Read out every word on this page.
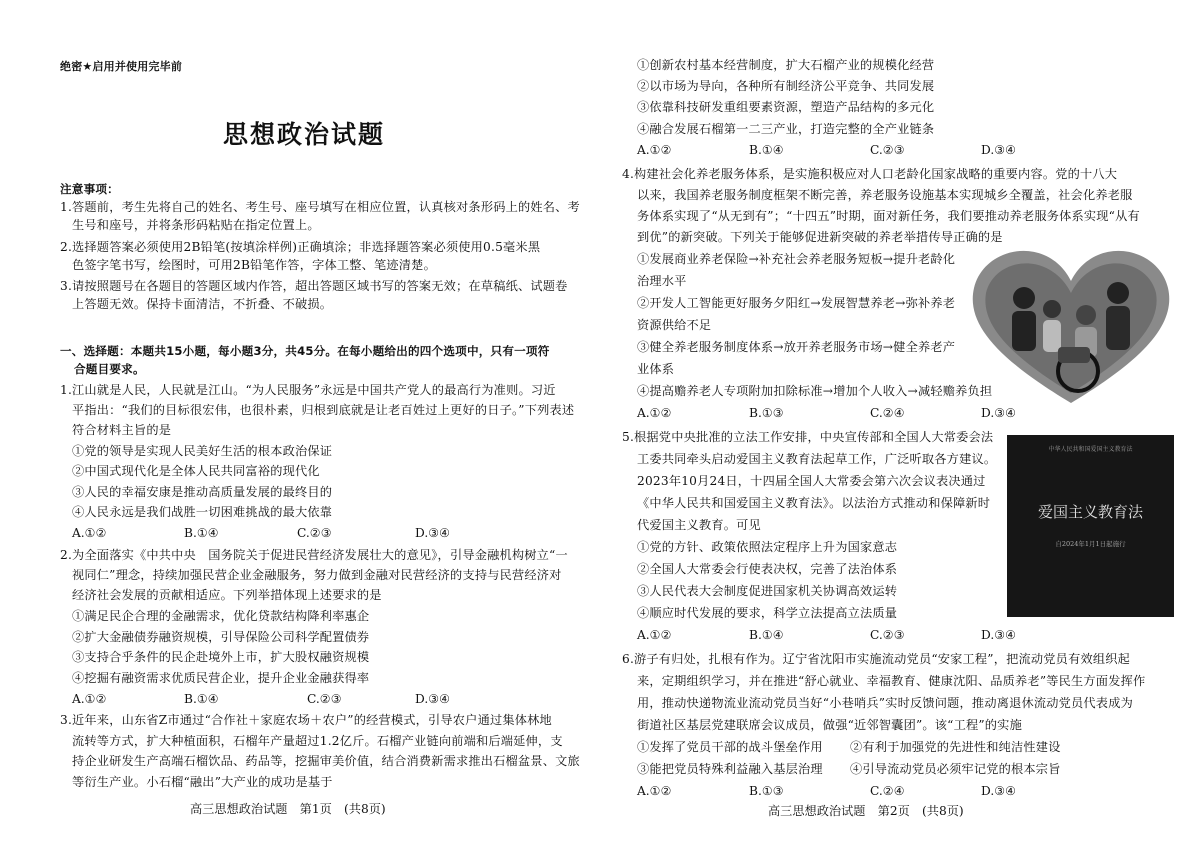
绝密★启用并使用完毕前
思想政治试题
注意事项：
1.答题前，考生先将自己的姓名、考生号、座号填写在相应位置，认真核对条形码上的姓名、考
生号和座号，并将条形码粘贴在指定位置上。
2.选择题答案必须使用2B铅笔(按填涂样例)正确填涂；非选择题答案必须使用0.5毫米黑
色签字笔书写，绘图时，可用2B铅笔作答，字体工整、笔迹清楚。
3.请按照题号在各题目的答题区域内作答，超出答题区域书写的答案无效；在草稿纸、试题卷
上答题无效。保持卡面清洁，不折叠、不破损。
一、选择题：本题共15小题，每小题3分，共45分。在每小题给出的四个选项中，只有一项符
合题目要求。
1.江山就是人民，人民就是江山。“为人民服务”永远是中国共产党人的最高行为准则。习近
平指出：“我们的目标很宏伟，也很朴素，归根到底就是让老百姓过上更好的日子。”下列表述
符合材料主旨的是
①党的领导是实现人民美好生活的根本政治保证
②中国式现代化是全体人民共同富裕的现代化
③人民的幸福安康是推动高质量发展的最终目的
④人民永远是我们战胜一切困难挑战的最大依靠
A.①②	B.①④	C.②③	D.③④
2.为全面落实《中共中央　国务院关于促进民营经济发展壮大的意见》，引导金融机构树立“一
视同仁”理念，持续加强民营企业金融服务，努力做到金融对民营经济的支持与民营经济对
经济社会发展的贡献相适应。下列举措体现上述要求的是
①满足民企合理的金融需求，优化贷款结构降利率惠企
②扩大金融债券融资规模，引导保险公司科学配置债券
③支持合乎条件的民企赴境外上市，扩大股权融资规模
④挖掘有融资需求优质民营企业，提升企业金融获得率
A.①②	B.①④	C.②③	D.③④
3.近年来，山东省Z市通过“合作社＋家庭农场＋农户”的经营模式，引导农户通过集体林地
流转等方式，扩大种植面积，石榴年产量超过1.2亿斤。石榴产业链向前端和后端延伸，支
持企业研发生产高端石榴饮品、药品等，挖掘审美价值，结合消费新需求推出石榴盆景、文旅
等衍生产业。小石榴“融出”大产业的成功是基于
高三思想政治试题　第1页　(共8页)
①创新农村基本经营制度，扩大石榴产业的规模化经营
②以市场为导向，各种所有制经济公平竞争、共同发展
③依靠科技研发重组要素资源，塑造产品结构的多元化
④融合发展石榴第一二三产业，打造完整的全产业链条
A.①②	B.①④	C.②③	D.③④
4.构建社会化养老服务体系，是实施积极应对人口老龄化国家战略的重要内容。党的十八大
以来，我国养老服务制度框架不断完善，养老服务设施基本实现城乡全覆盖，社会化养老服
务体系实现了“从无到有”；“十四五”时期，面对新任务，我们要推动养老服务体系实现“从有
到优”的新突破。下列关于能够促进新突破的养老举措传导正确的是
①发展商业养老保险→补充社会养老服务短板→提升老龄化
治理水平
②开发人工智能更好服务夕阳红→发展智慧养老→弥补养老
资源供给不足
③健全养老服务制度体系→放开养老服务市场→健全养老产
业体系
④提高赡养老人专项附加扣除标准→增加个人收入→减轻赡养负担
A.①②	B.①③	C.②④	D.③④
5.根据党中央批准的立法工作安排，中央宣传部和全国人大常委会法
工委共同牵头启动爱国主义教育法起草工作，广泛听取各方建议。
2023年10月24日，十四届全国人大常委会第六次会议表决通过
《中华人民共和国爱国主义教育法》。以法治方式推动和保障新时
代爱国主义教育。可见
①党的方针、政策依照法定程序上升为国家意志
②全国人大常委会行使表决权，完善了法治体系
③人民代表大会制度促进国家机关协调高效运转
④顺应时代发展的要求，科学立法提高立法质量
A.①②	B.①④	C.②③	D.③④
中华人民共和国爱国主义教育法
爱国主义教育法
自2024年1月1日起施行
6.游子有归处，扎根有作为。辽宁省沈阳市实施流动党员“安家工程”，把流动党员有效组织起
来，定期组织学习，并在推进“舒心就业、幸福教育、健康沈阳、品质养老”等民生方面发挥作
用，推动快递物流业流动党员当好“小巷哨兵”实时反馈问题，推动离退休流动党员代表成为
街道社区基层党建联席会议成员，做强“近邻智囊团”。该“工程”的实施
①发挥了党员干部的战斗堡垒作用 ②有利于加强党的先进性和纯洁性建设
③能把党员特殊利益融入基层治理 ④引导流动党员必须牢记党的根本宗旨
A.①②	B.①③	C.②④	D.③④
高三思想政治试题　第2页　(共8页)
